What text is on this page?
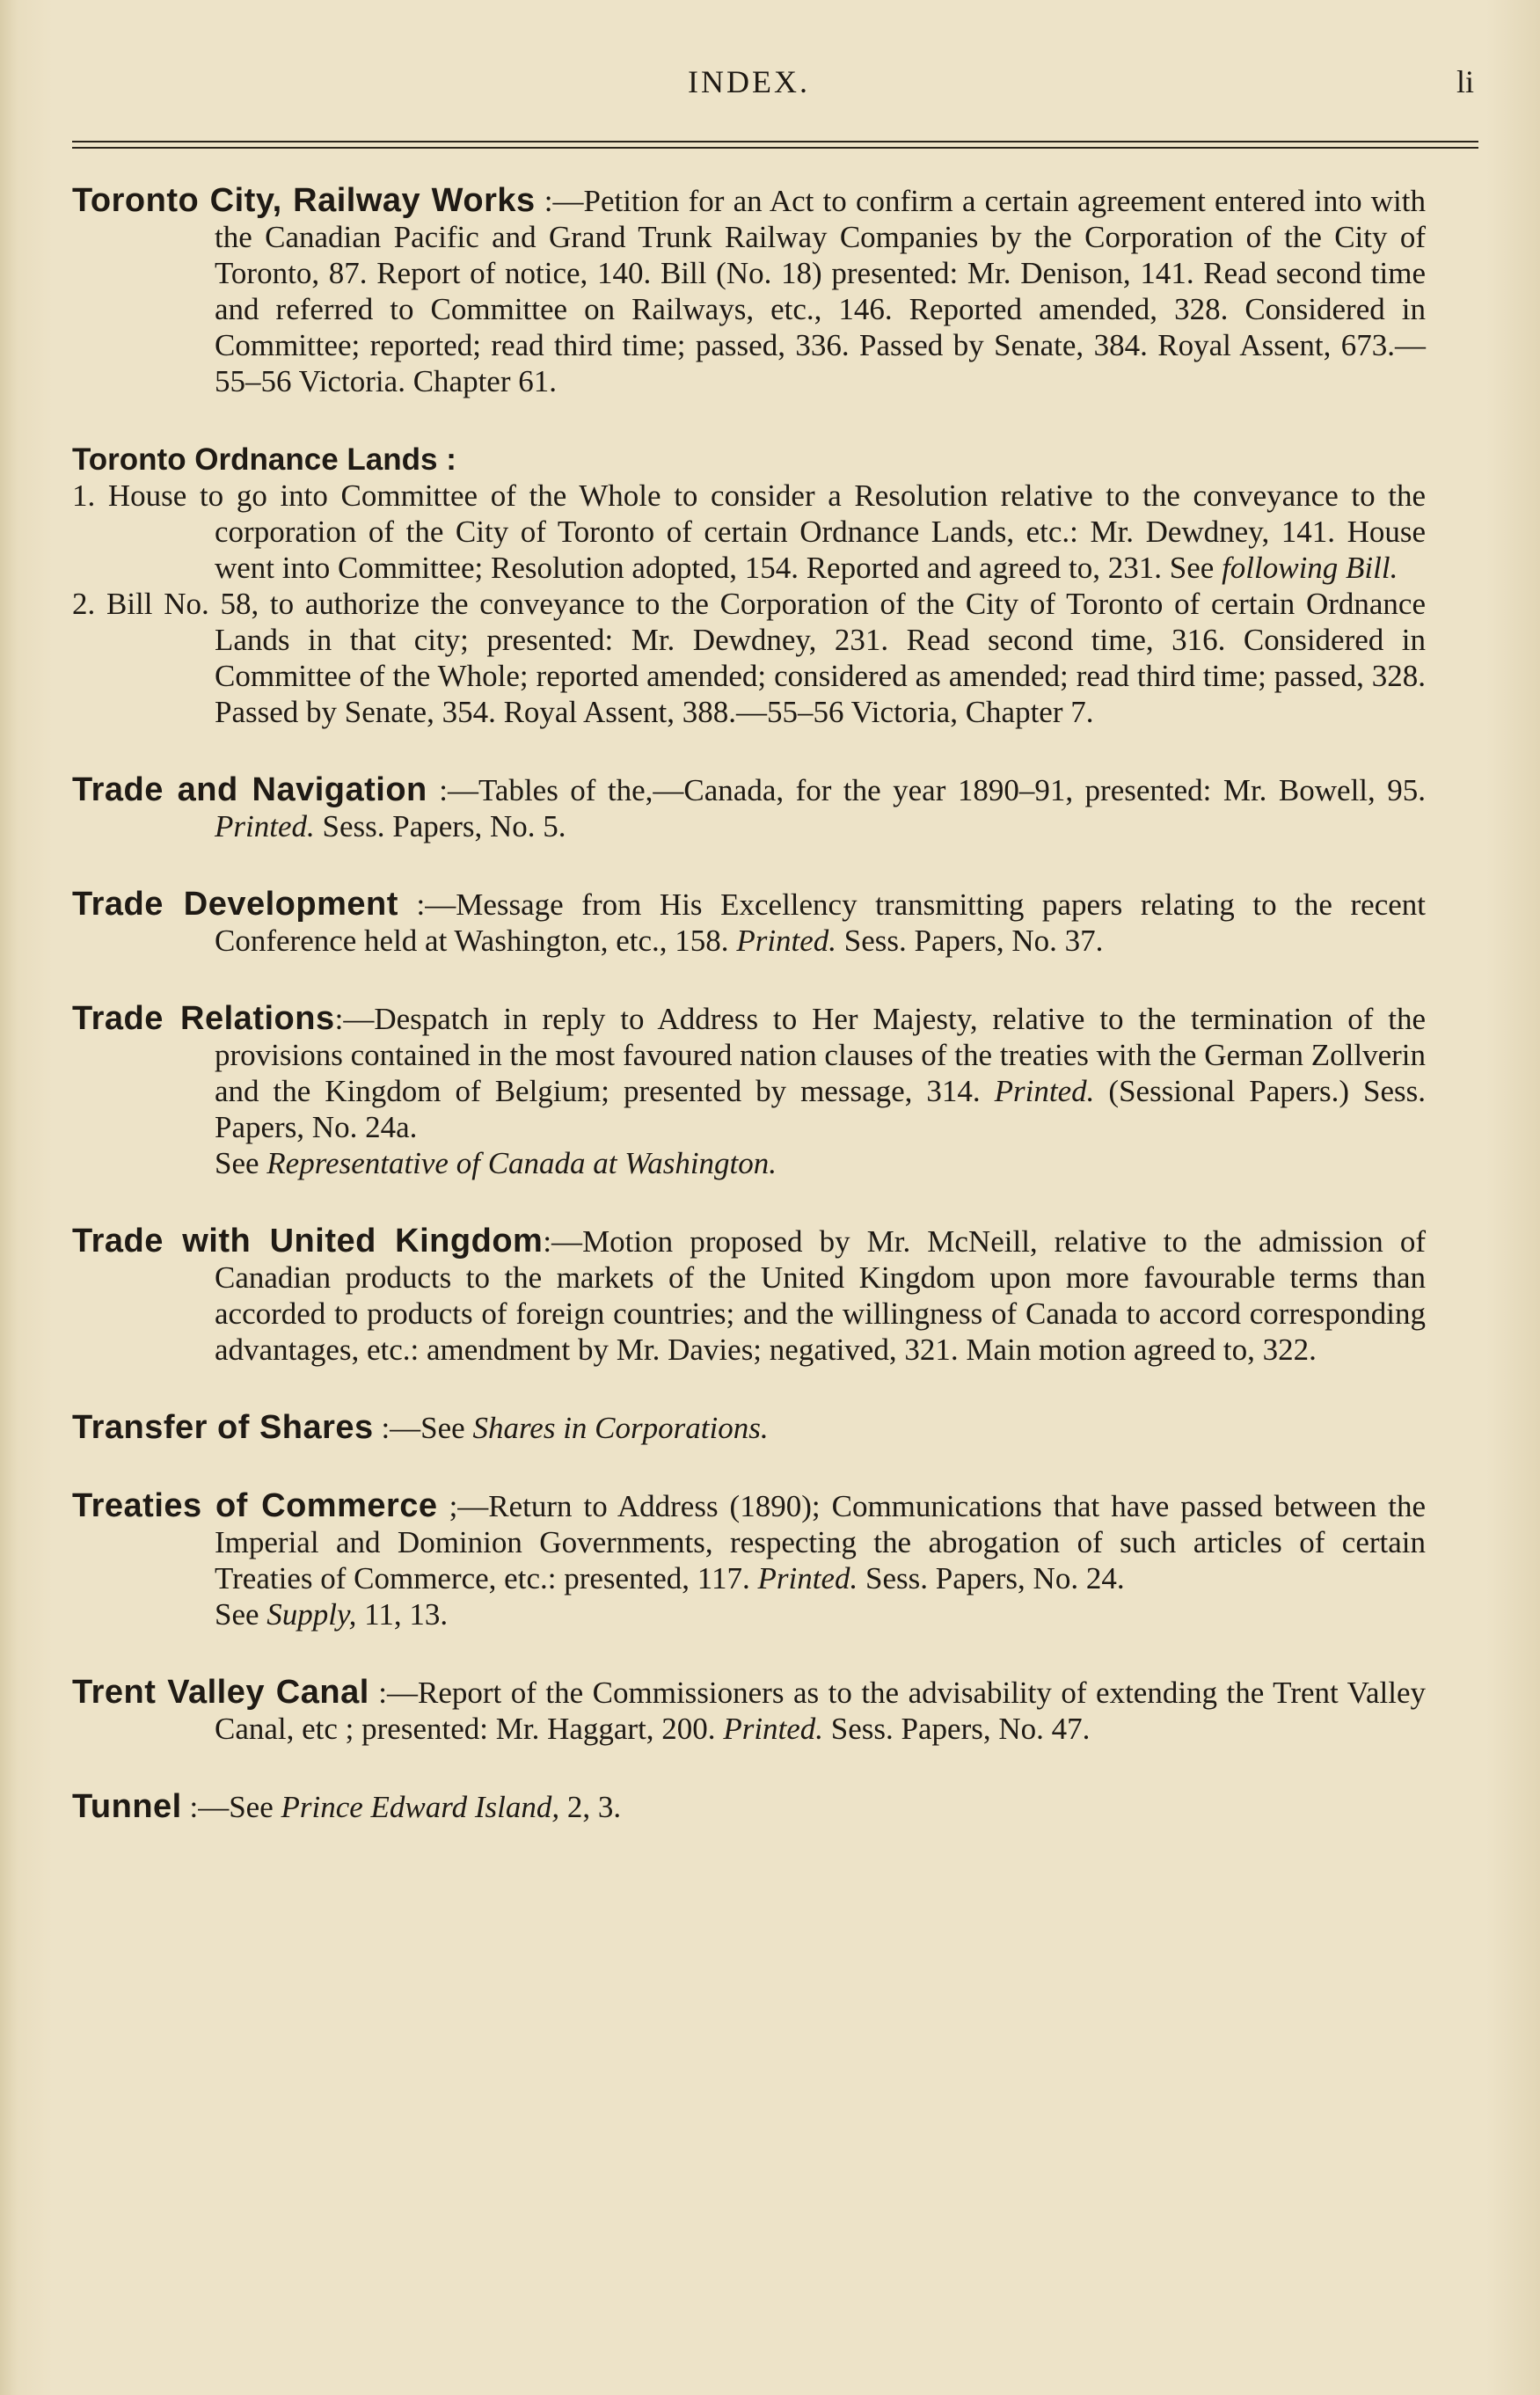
INDEX.	li

Toronto City, Railway Works :—Petition for an Act to confirm a certain agreement entered into with the Canadian Pacific and Grand Trunk Railway Companies by the Corporation of the City of Toronto, 87. Report of notice, 140. Bill (No. 18) presented: Mr. Denison, 141. Read second time and referred to Committee on Railways, etc., 146. Reported amended, 328. Considered in Committee; reported; read third time; passed, 336. Passed by Senate, 384. Royal Assent, 673.—55–56 Victoria. Chapter 61.

Toronto Ordnance Lands :

1. House to go into Committee of the Whole to consider a Resolution relative to the conveyance to the corporation of the City of Toronto of certain Ordnance Lands, etc.: Mr. Dewdney, 141. House went into Committee; Resolution adopted, 154. Reported and agreed to, 231. See following Bill.

2. Bill No. 58, to authorize the conveyance to the Corporation of the City of Toronto of certain Ordnance Lands in that city; presented: Mr. Dewdney, 231. Read second time, 316. Considered in Committee of the Whole; reported amended; considered as amended; read third time; passed, 328. Passed by Senate, 354. Royal Assent, 388.—55–56 Victoria, Chapter 7.

Trade and Navigation :—Tables of the,—Canada, for the year 1890–91, presented: Mr. Bowell, 95. Printed. Sess. Papers, No. 5.

Trade Development :—Message from His Excellency transmitting papers relating to the recent Conference held at Washington, etc., 158. Printed. Sess. Papers, No. 37.

Trade Relations:—Despatch in reply to Address to Her Majesty, relative to the termination of the provisions contained in the most favoured nation clauses of the treaties with the German Zollverin and the Kingdom of Belgium; presented by message, 314. Printed. (Sessional Papers.) Sess. Papers, No. 24a.

See Representative of Canada at Washington.

Trade with United Kingdom:—Motion proposed by Mr. McNeill, relative to the admission of Canadian products to the markets of the United Kingdom upon more favourable terms than accorded to products of foreign countries; and the willingness of Canada to accord corresponding advantages, etc.: amendment by Mr. Davies; negatived, 321. Main motion agreed to, 322.

Transfer of Shares :—See Shares in Corporations.

Treaties of Commerce ;—Return to Address (1890); Communications that have passed between the Imperial and Dominion Governments, respecting the abrogation of such articles of certain Treaties of Commerce, etc.: presented, 117. Printed. Sess. Papers, No. 24.

See Supply, 11, 13.

Trent Valley Canal :—Report of the Commissioners as to the advisability of extending the Trent Valley Canal, etc ; presented: Mr. Haggart, 200. Printed. Sess. Papers, No. 47.

Tunnel :—See Prince Edward Island, 2, 3.
